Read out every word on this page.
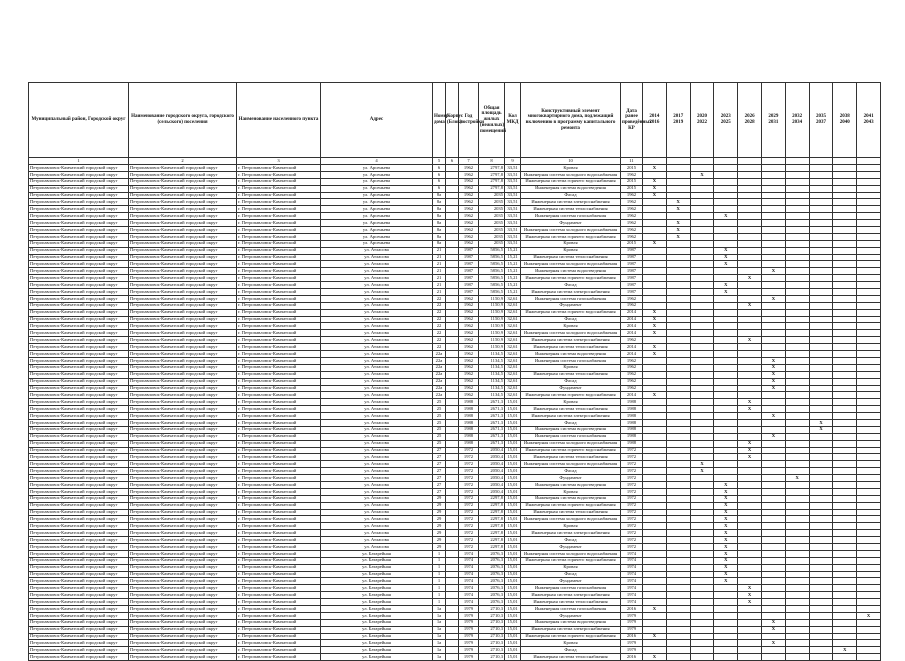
Муниципальный район, Городской округ	Наименование городского округа, городского (сельского) поселения	Наименование населенного пункта	Адрес	Номер дома	Корпус (Блок)	Год постройки	Общая площадь жилых (нежилых) помещений	Кол МКД	Конструктивный элемент многоквартирного дома, подлежащий включению в программу капитального ремонта	Дата ранее проведённых КР	2014 2016	2017 2019	2020 2022	2023 2025	2026 2028	2029 2031	2032 2034	2035 2037	2038 2040	2041 2043
1	2	3	4	5	6	7	8	9	10	11										
Петропавловск-Камчатский городской округ	Петропавловск-Камчатский городской округ	г. Петропавловск-Камчатский	ул. Арсеньева	6		1962	2797,8	33,51	Кровля	2015	X									
Петропавловск-Камчатский городской округ	Петропавловск-Камчатский городской округ	г. Петропавловск-Камчатский	ул. Арсеньева	6		1962	2797,8	33,51	Инженерная система холодного водоснабжения	1962			X							
Петропавловск-Камчатский городской округ	Петропавловск-Камчатский городской округ	г. Петропавловск-Камчатский	ул. Арсеньева	6		1962	2797,8	33,51	Инженерная система горячего водоснабжения	2015	X									
Петропавловск-Камчатский городской округ	Петропавловск-Камчатский городской округ	г. Петропавловск-Камчатский	ул. Арсеньева	6		1962	2797,8	33,51	Инженерная система водоотведения	2015	X									
Петропавловск-Камчатский городской округ	Петропавловск-Камчатский городской округ	г. Петропавловск-Камчатский	ул. Арсеньева	8а		1962	2035	33,51	Фасад	1962	X									
Петропавловск-Камчатский городской округ	Петропавловск-Камчатский городской округ	г. Петропавловск-Камчатский	ул. Арсеньева	8а		1962	2035	33,51	Инженерная система электроснабжения	1962		X								
Петропавловск-Камчатский городской округ	Петропавловск-Камчатский городской округ	г. Петропавловск-Камчатский	ул. Арсеньева	8а		1962	2035	33,51	Инженерная система теплоснабжения	1962		X								
Петропавловск-Камчатский городской округ	Петропавловск-Камчатский городской округ	г. Петропавловск-Камчатский	ул. Арсеньева	8а		1962	2035	33,51	Инженерная система газоснабжения	1962				X						
Петропавловск-Камчатский городской округ	Петропавловск-Камчатский городской округ	г. Петропавловск-Камчатский	ул. Арсеньева	8а		1962	2035	33,51	Фундамент	1962		X								
Петропавловск-Камчатский городской округ	Петропавловск-Камчатский городской округ	г. Петропавловск-Камчатский	ул. Арсеньева	8а		1962	2035	33,51	Инженерная система холодного водоснабжения	1962		X								
Петропавловск-Камчатский городской округ	Петропавловск-Камчатский городской округ	г. Петропавловск-Камчатский	ул. Арсеньева	8а		1962	2035	33,51	Инженерная система горячего водоснабжения	1962		X								
Петропавловск-Камчатский городской округ	Петропавловск-Камчатский городской округ	г. Петропавловск-Камчатский	ул. Арсеньева	8а		1962	2035	33,51	Кровля	2015	X									
Петропавловск-Камчатский городской округ	Петропавловск-Камчатский городской округ	г. Петропавловск-Камчатский	ул. Атласова	21		1987	5856,5	15,21	Кровля	1987				X						
Петропавловск-Камчатский городской округ	Петропавловск-Камчатский городской округ	г. Петропавловск-Камчатский	ул. Атласова	21		1987	5856,5	15,21	Инженерная система теплоснабжения	1987				X						
Петропавловск-Камчатский городской округ	Петропавловск-Камчатский городской округ	г. Петропавловск-Камчатский	ул. Атласова	21		1987	5856,5	15,21	Инженерная система холодного водоснабжения	1987				X						
Петропавловск-Камчатский городской округ	Петропавловск-Камчатский городской округ	г. Петропавловск-Камчатский	ул. Атласова	21		1987	5856,5	15,21	Инженерная система водоотведения	1987						X				
Петропавловск-Камчатский городской округ	Петропавловск-Камчатский городской округ	г. Петропавловск-Камчатский	ул. Атласова	21		1987	5856,5	15,21	Инженерная система горячего водоснабжения	1987					X					
Петропавловск-Камчатский городской округ	Петропавловск-Камчатский городской округ	г. Петропавловск-Камчатский	ул. Атласова	21		1987	5856,5	15,21	Фасад	1987				X						
Петропавловск-Камчатский городской округ	Петропавловск-Камчатский городской округ	г. Петропавловск-Камчатский	ул. Атласова	21		1987	5856,5	15,21	Инженерная система электроснабжения	1987				X						
Петропавловск-Камчатский городской округ	Петропавловск-Камчатский городской округ	г. Петропавловск-Камчатский	ул. Атласова	22		1962	1150,9	32,61	Инженерная система газоснабжения	1962						X				
Петропавловск-Камчатский городской округ	Петропавловск-Камчатский городской округ	г. Петропавловск-Камчатский	ул. Атласова	22		1962	1150,9	32,61	Фундамент	1962					X					
Петропавловск-Камчатский городской округ	Петропавловск-Камчатский городской округ	г. Петропавловск-Камчатский	ул. Атласова	22		1962	1150,9	32,61	Инженерная система горячего водоснабжения	2014	X									
Петропавловск-Камчатский городской округ	Петропавловск-Камчатский городской округ	г. Петропавловск-Камчатский	ул. Атласова	22		1962	1150,9	32,61	Фасад	2014	X									
Петропавловск-Камчатский городской округ	Петропавловск-Камчатский городской округ	г. Петропавловск-Камчатский	ул. Атласова	22		1962	1150,9	32,61	Кровля	2014	X									
Петропавловск-Камчатский городской округ	Петропавловск-Камчатский городской округ	г. Петропавловск-Камчатский	ул. Атласова	22		1962	1150,9	32,61	Инженерная система холодного водоснабжения	2014	X									
Петропавловск-Камчатский городской округ	Петропавловск-Камчатский городской округ	г. Петропавловск-Камчатский	ул. Атласова	22		1962	1150,9	32,61	Инженерная система электроснабжения	1962					X					
Петропавловск-Камчатский городской округ	Петропавловск-Камчатский городской округ	г. Петропавловск-Камчатский	ул. Атласова	22		1962	1150,9	32,61	Инженерная система теплоснабжения	2014	X									
Петропавловск-Камчатский городской округ	Петропавловск-Камчатский городской округ	г. Петропавловск-Камчатский	ул. Атласова	22а		1962	1134,5	32,61	Инженерная система водоотведения	2014	X									
Петропавловск-Камчатский городской округ	Петропавловск-Камчатский городской округ	г. Петропавловск-Камчатский	ул. Атласова	22а		1962	1134,5	32,61	Инженерная система газоснабжения	1962						X				
Петропавловск-Камчатский городской округ	Петропавловск-Камчатский городской округ	г. Петропавловск-Камчатский	ул. Атласова	22а		1962	1134,5	32,61	Кровля	1962						X				
Петропавловск-Камчатский городской округ	Петропавловск-Камчатский городской округ	г. Петропавловск-Камчатский	ул. Атласова	22а		1962	1134,5	32,61	Инженерная система теплоснабжения	1962						X				
Петропавловск-Камчатский городской округ	Петропавловск-Камчатский городской округ	г. Петропавловск-Камчатский	ул. Атласова	22а		1962	1134,5	32,61	Фасад	1962						X				
Петропавловск-Камчатский городской округ	Петропавловск-Камчатский городской округ	г. Петропавловск-Камчатский	ул. Атласова	22а		1962	1134,5	32,61	Фундамент	1962						X				
Петропавловск-Камчатский городской округ	Петропавловск-Камчатский городской округ	г. Петропавловск-Камчатский	ул. Атласова	22а		1962	1134,5	32,61	Инженерная система горячего водоснабжения	2014	X									
Петропавловск-Камчатский городской округ	Петропавловск-Камчатский городской округ	г. Петропавловск-Камчатский	ул. Атласова	25		1988	2671,3	15,01	Кровля	1988					X					
Петропавловск-Камчатский городской округ	Петропавловск-Камчатский городской округ	г. Петропавловск-Камчатский	ул. Атласова	25		1988	2671,3	15,01	Инженерная система теплоснабжения	1988					X					
Петропавловск-Камчатский городской округ	Петропавловск-Камчатский городской округ	г. Петропавловск-Камчатский	ул. Атласова	25		1988	2671,3	15,01	Инженерная система электроснабжения	1988						X				
Петропавловск-Камчатский городской округ	Петропавловск-Камчатский городской округ	г. Петропавловск-Камчатский	ул. Атласова	25		1988	2671,3	15,01	Фасад	1988								X		
Петропавловск-Камчатский городской округ	Петропавловск-Камчатский городской округ	г. Петропавловск-Камчатский	ул. Атласова	25		1988	2671,3	15,01	Инженерная система водоотведения	1988								X		
Петропавловск-Камчатский городской округ	Петропавловск-Камчатский городской округ	г. Петропавловск-Камчатский	ул. Атласова	25		1988	2671,3	15,01	Инженерная система газоснабжения	1988						X				
Петропавловск-Камчатский городской округ	Петропавловск-Камчатский городской округ	г. Петропавловск-Камчатский	ул. Атласова	25		1988	2671,3	15,01	Инженерная система холодного водоснабжения	1988					X					
Петропавловск-Камчатский городской округ	Петропавловск-Камчатский городской округ	г. Петропавловск-Камчатский	ул. Атласова	27		1972	2050,4	15,01	Инженерная система горячего водоснабжения	1972					X					
Петропавловск-Камчатский городской округ	Петропавловск-Камчатский городской округ	г. Петропавловск-Камчатский	ул. Атласова	27		1972	2050,4	15,01	Инженерная система теплоснабжения	1972					X					
Петропавловск-Камчатский городской округ	Петропавловск-Камчатский городской округ	г. Петропавловск-Камчатский	ул. Атласова	27		1972	2050,4	15,01	Инженерная система холодного водоснабжения	1972			X							
Петропавловск-Камчатский городской округ	Петропавловск-Камчатский городской округ	г. Петропавловск-Камчатский	ул. Атласова	27		1972	2050,4	15,01	Фасад	1972			X							
Петропавловск-Камчатский городской округ	Петропавловск-Камчатский городской округ	г. Петропавловск-Камчатский	ул. Атласова	27		1972	2050,4	15,01	Фундамент	1972							X			
Петропавловск-Камчатский городской округ	Петропавловск-Камчатский городской округ	г. Петропавловск-Камчатский	ул. Атласова	27		1972	2050,4	15,01	Инженерная система водоотведения	1972				X						
Петропавловск-Камчатский городской округ	Петропавловск-Камчатский городской округ	г. Петропавловск-Камчатский	ул. Атласова	27		1972	2050,4	15,01	Кровля	1972				X						
Петропавловск-Камчатский городской округ	Петропавловск-Камчатский городской округ	г. Петропавловск-Камчатский	ул. Атласова	29		1972	2297,8	15,01	Инженерная система водоотведения	1972				X						
Петропавловск-Камчатский городской округ	Петропавловск-Камчатский городской округ	г. Петропавловск-Камчатский	ул. Атласова	29		1972	2297,8	15,01	Инженерная система горячего водоснабжения	1972				X						
Петропавловск-Камчатский городской округ	Петропавловск-Камчатский городской округ	г. Петропавловск-Камчатский	ул. Атласова	29		1972	2297,8	15,01	Инженерная система теплоснабжения	1972				X						
Петропавловск-Камчатский городской округ	Петропавловск-Камчатский городской округ	г. Петропавловск-Камчатский	ул. Атласова	29		1972	2297,8	15,01	Инженерная система холодного водоснабжения	1972				X						
Петропавловск-Камчатский городской округ	Петропавловск-Камчатский городской округ	г. Петропавловск-Камчатский	ул. Атласова	29		1972	2297,8	15,01	Кровля	1972				X						
Петропавловск-Камчатский городской округ	Петропавловск-Камчатский городской округ	г. Петропавловск-Камчатский	ул. Атласова	29		1972	2297,8	15,01	Инженерная система электроснабжения	1972				X						
Петропавловск-Камчатский городской округ	Петропавловск-Камчатский городской округ	г. Петропавловск-Камчатский	ул. Атласова	29		1972	2297,8	15,01	Фасад	1972				X						
Петропавловск-Камчатский городской округ	Петропавловск-Камчатский городской округ	г. Петропавловск-Камчатский	ул. Атласова	29		1972	2297,8	15,01	Фундамент	1972				X						
Петропавловск-Камчатский городской округ	Петропавловск-Камчатский городской округ	г. Петропавловск-Камчатский	ул. Батарейная	1		1974	2076,3	15,01	Инженерная система холодного водоснабжения	1974				X						
Петропавловск-Камчатский городской округ	Петропавловск-Камчатский городской округ	г. Петропавловск-Камчатский	ул. Батарейная	1		1974	2076,3	15,01	Инженерная система горячего водоснабжения	1974				X						
Петропавловск-Камчатский городской округ	Петропавловск-Камчатский городской округ	г. Петропавловск-Камчатский	ул. Батарейная	1		1974	2076,3	15,01	Кровля	1974				X						
Петропавловск-Камчатский городской округ	Петропавловск-Камчатский городской округ	г. Петропавловск-Камчатский	ул. Батарейная	1		1974	2076,3	15,01	Фасад	1974				X						
Петропавловск-Камчатский городской округ	Петропавловск-Камчатский городской округ	г. Петропавловск-Камчатский	ул. Батарейная	1		1974	2076,3	15,01	Фундамент	1974				X						
Петропавловск-Камчатский городской округ	Петропавловск-Камчатский городской округ	г. Петропавловск-Камчатский	ул. Батарейная	1		1974	2076,3	15,01	Инженерная система газоснабжения	1974					X					
Петропавловск-Камчатский городской округ	Петропавловск-Камчатский городской округ	г. Петропавловск-Камчатский	ул. Батарейная	1		1974	2076,3	15,01	Инженерная система электроснабжения	1974					X					
Петропавловск-Камчатский городской округ	Петропавловск-Камчатский городской округ	г. Петропавловск-Камчатский	ул. Батарейная	1		1974	2076,3	15,01	Инженерная система теплоснабжения	1974					X					
Петропавловск-Камчатский городской округ	Петропавловск-Камчатский городской округ	г. Петропавловск-Камчатский	ул. Батарейная	1а		1979	2710,3	15,01	Инженерная система газоснабжения	2016	X									
Петропавловск-Камчатский городской округ	Петропавловск-Камчатский городской округ	г. Петропавловск-Камчатский	ул. Батарейная	1а		1979	2710,3	15,01	Фундамент	1979										X
Петропавловск-Камчатский городской округ	Петропавловск-Камчатский городской округ	г. Петропавловск-Камчатский	ул. Батарейная	1а		1979	2710,3	15,01	Инженерная система водоотведения	1979						X				
Петропавловск-Камчатский городской округ	Петропавловск-Камчатский городской округ	г. Петропавловск-Камчатский	ул. Батарейная	1а		1979	2710,3	15,01	Инженерная система электроснабжения	1979						X				
Петропавловск-Камчатский городской округ	Петропавловск-Камчатский городской округ	г. Петропавловск-Камчатский	ул. Батарейная	1а		1979	2710,3	15,01	Инженерная система горячего водоснабжения	2016	X									
Петропавловск-Камчатский городской округ	Петропавловск-Камчатский городской округ	г. Петропавловск-Камчатский	ул. Батарейная	1а		1979	2710,3	15,01	Кровля	1979						X				
Петропавловск-Камчатский городской округ	Петропавловск-Камчатский городской округ	г. Петропавловск-Камчатский	ул. Батарейная	1а		1979	2710,3	15,01	Фасад	1979									X	
Петропавловск-Камчатский городской округ	Петропавловск-Камчатский городской округ	г. Петропавловск-Камчатский	ул. Батарейная	1а		1979	2710,3	15,01	Инженерная система теплоснабжения	2016	X									
